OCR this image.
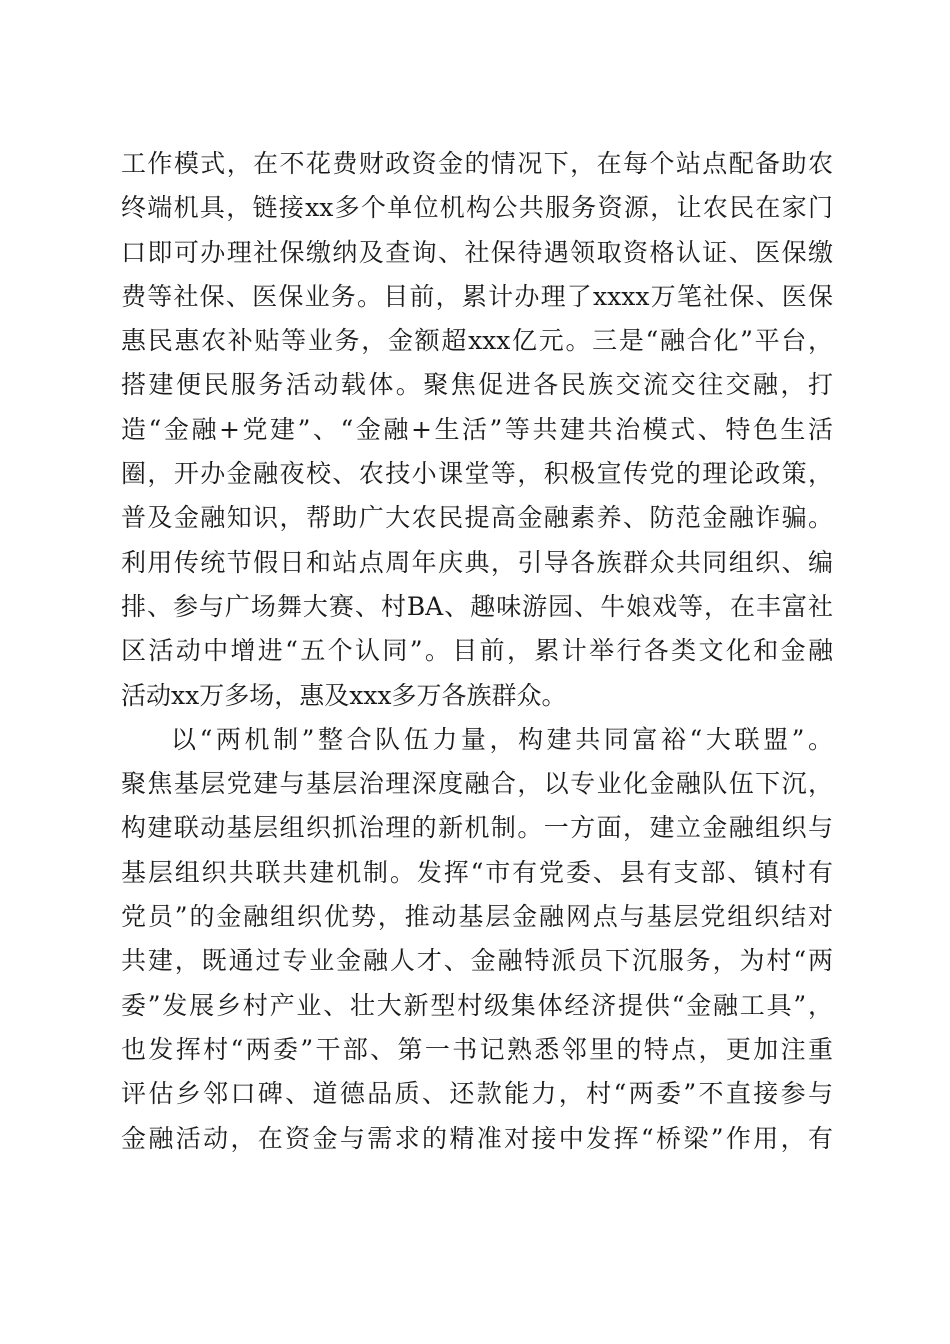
工作模式，在不花费财政资金的情况下，在每个站点配备助农
终端机具，链接xx多个单位机构公共服务资源，让农民在家门
口即可办理社保缴纳及查询、社保待遇领取资格认证、医保缴
费等社保、医保业务。目前，累计办理了xxxx万笔社保、医保
惠民惠农补贴等业务，金额超xxx亿元。三是“融合化”平台，
搭建便民服务活动载体。聚焦促进各民族交流交往交融，打
造“金融+党建”、“金融+生活”等共建共治模式、特色生活
圈，开办金融夜校、农技小课堂等，积极宣传党的理论政策，
普及金融知识，帮助广大农民提高金融素养、防范金融诈骗。
利用传统节假日和站点周年庆典，引导各族群众共同组织、编
排、参与广场舞大赛、村BA、趣味游园、牛娘戏等，在丰富社
区活动中增进“五个认同”。目前，累计举行各类文化和金融
活动xx万多场，惠及xxx多万各族群众。
以“两机制”整合队伍力量，构建共同富裕“大联盟”。
聚焦基层党建与基层治理深度融合，以专业化金融队伍下沉，
构建联动基层组织抓治理的新机制。一方面，建立金融组织与
基层组织共联共建机制。发挥“市有党委、县有支部、镇村有
党员”的金融组织优势，推动基层金融网点与基层党组织结对
共建，既通过专业金融人才、金融特派员下沉服务，为村“两
委”发展乡村产业、壮大新型村级集体经济提供“金融工具”，
也发挥村“两委”干部、第一书记熟悉邻里的特点，更加注重
评估乡邻口碑、道德品质、还款能力，村“两委”不直接参与
金融活动，在资金与需求的精准对接中发挥“桥梁”作用，有
